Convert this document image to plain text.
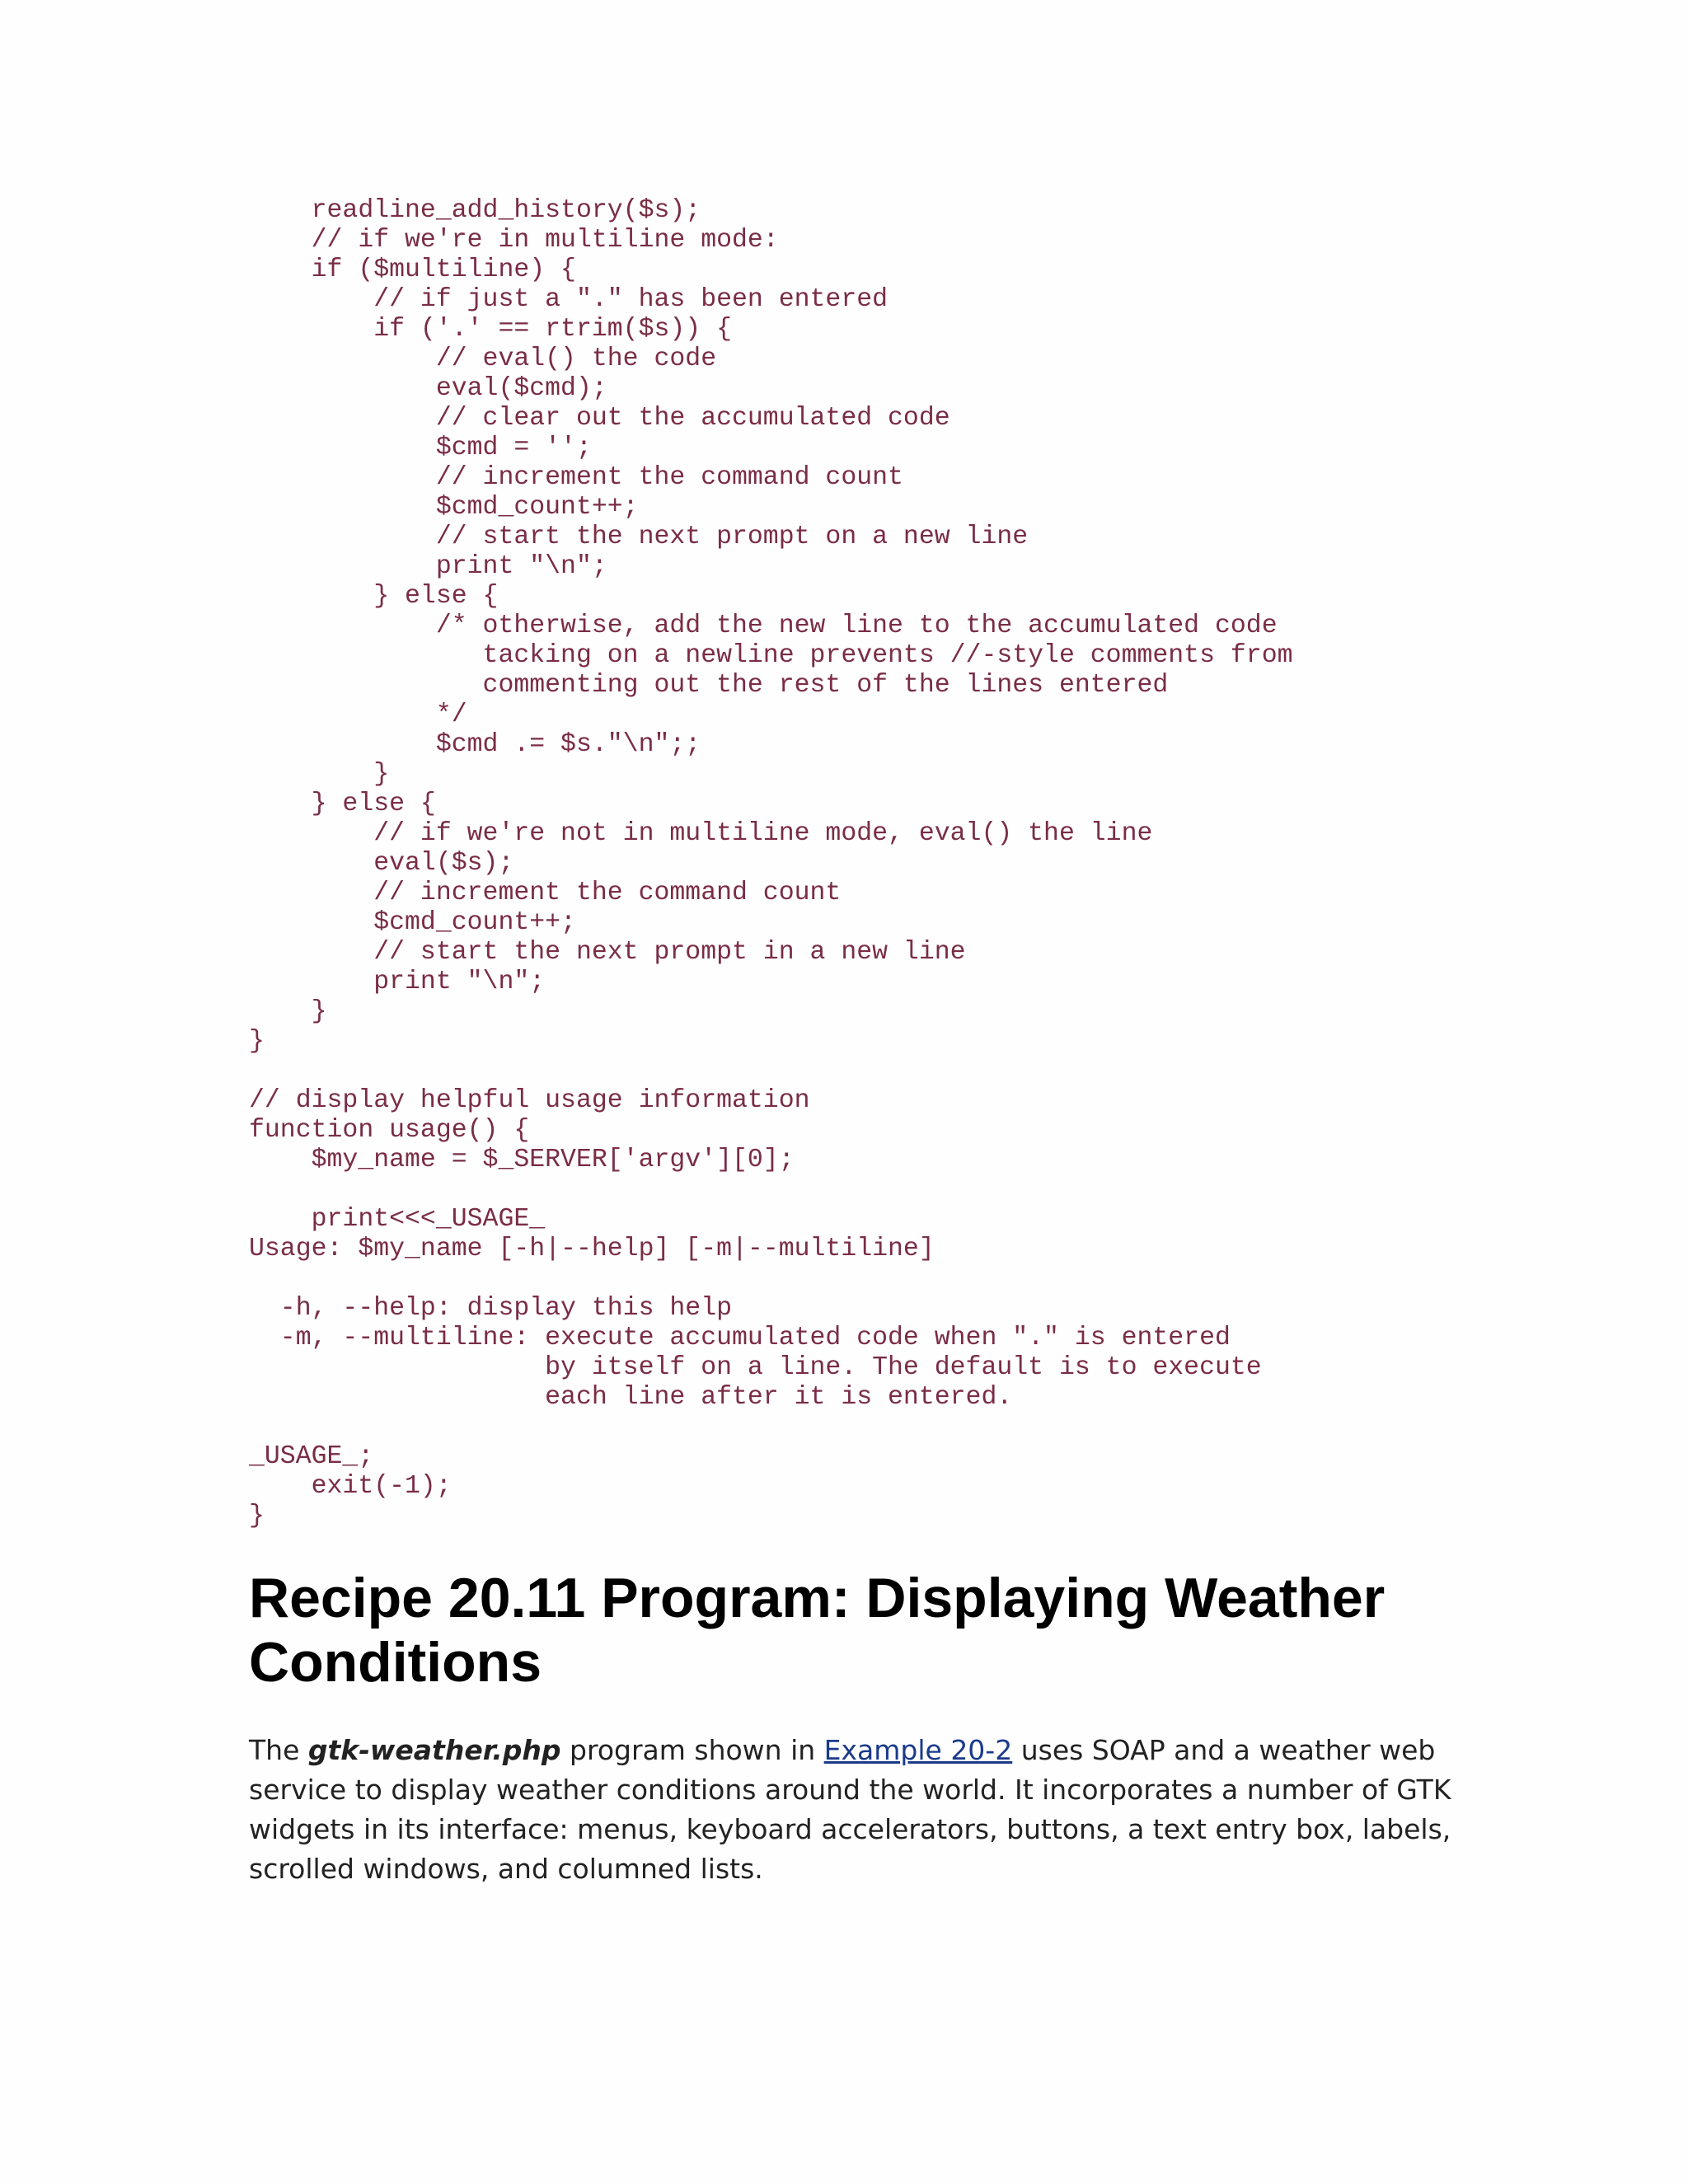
readline_add_history($s);
// if we're in multiline mode:
if ($multiline) {
// if just a "." has been entered
if ('.' == rtrim($s)) {
// eval() the code
eval($cmd);
// clear out the accumulated code
$cmd = '';
// increment the command count
$cmd_count++;
// start the next prompt on a new line
print "\n";
} else {
/* otherwise, add the new line to the accumulated code
tacking on a newline prevents //-style comments from
commenting out the rest of the lines entered
*/
$cmd .= $s."\n";;
}
} else {
// if we're not in multiline mode, eval() the line
eval($s);
// increment the command count
$cmd_count++;
// start the next prompt in a new line
print "\n";
}
}
// display helpful usage information
function usage() {
$my_name = $_SERVER['argv'][0];
print<<<_USAGE_
Usage: $my_name [-h|--help] [-m|--multiline]
-h, --help: display this help
-m, --multiline: execute accumulated code when "." is entered
by itself on a line. The default is to execute
each line after it is entered.
_USAGE_;
exit(-1);
}
Recipe 20.11 Program: Displaying Weather Conditions

The gtk-weather.php program shown in Example 20-2 uses SOAP and a weather web service to display weather conditions around the world. It incorporates a number of GTK widgets in its interface: menus, keyboard accelerators, buttons, a text entry box, labels, scrolled windows, and columned lists.
